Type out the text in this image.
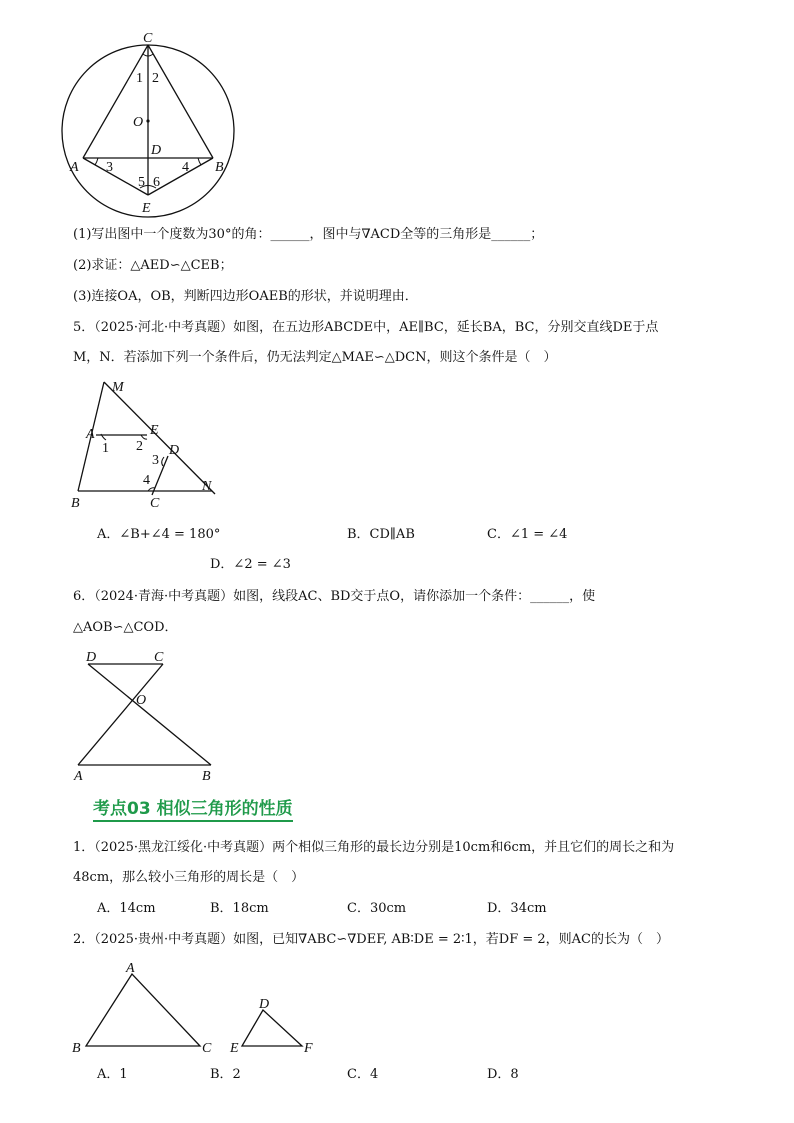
C
O
D
A	B
E
1 2
3	4
5 6
(1)写出图中一个度数为30°的角：______，图中与∇ACD全等的三角形是______；
(2)求证：△AED∽△CEB；
(3)连接OA，OB，判断四边形OAEB的形状，并说明理由．
5．（2025·河北·中考真题）如图，在五边形ABCDE中，AE∥BC，延长BA，BC，分别交直线DE于点
M，N．若添加下列一个条件后，仍无法判定△MAE∽△DCN，则这个条件是（　）
M
A	E
D
N
B	C
1 2
3
4
A．∠B+∠4 = 180°	B．CD∥AB	C．∠1 = ∠4
D．∠2 = ∠3
6．（2024·青海·中考真题）如图，线段AC、BD交于点O，请你添加一个条件：______，使
△AOB∽△COD．
D	C
O
A	B
考点03 相似三角形的性质
1．（2025·黑龙江绥化·中考真题）两个相似三角形的最长边分别是10cm和6cm，并且它们的周长之和为
48cm，那么较小三角形的周长是（　）
A．14cm	B．18cm	C．30cm	D．34cm
2．（2025·贵州·中考真题）如图，已知∇ABC∽∇DEF, AB∶DE = 2∶1，若DF = 2，则AC的长为（　）
A
B	C
D
E	F
A．1	B．2	C．4	D．8
